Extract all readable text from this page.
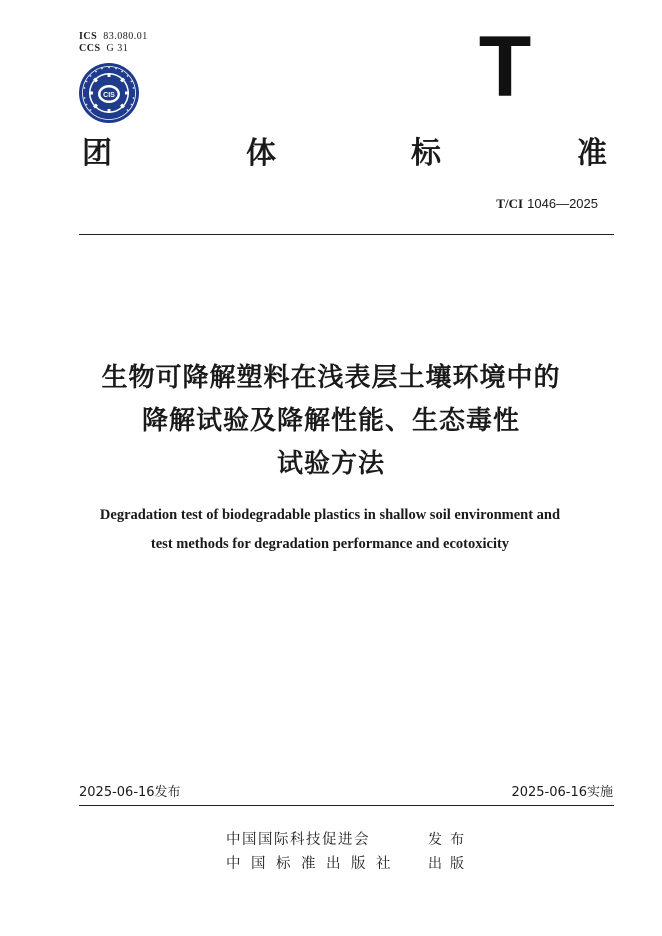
ICS 83.080.01
CCS G 31
CIS	T
团	体	标	准
T/CI 1046—2025
生物可降解塑料在浅表层土壤环境中的
降解试验及降解性能、生态毒性
试验方法
Degradation test of biodegradable plastics in shallow soil environment and
test methods for degradation performance and ecotoxicity
2025-06-16发布	2025-06-16实施
中国国际科技促进会	发布
中国标准出版社 出版
